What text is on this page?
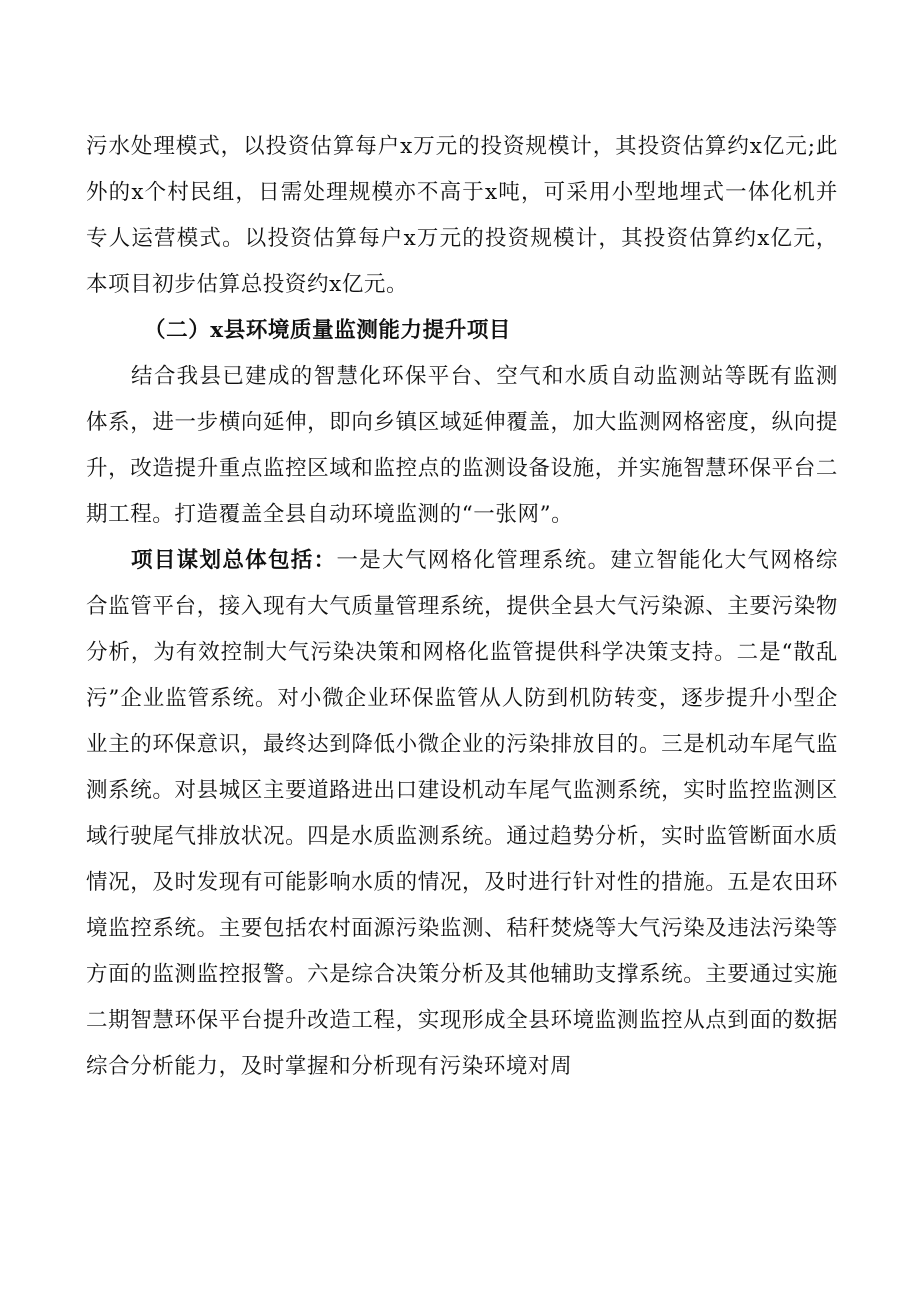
污水处理模式，以投资估算每户x万元的投资规模计，其投资估算约x亿元;此外的x个村民组，日需处理规模亦不高于x吨，可采用小型地埋式一体化机并专人运营模式。以投资估算每户x万元的投资规模计，其投资估算约x亿元，本项目初步估算总投资约x亿元。

（二）x县环境质量监测能力提升项目

结合我县已建成的智慧化环保平台、空气和水质自动监测站等既有监测体系，进一步横向延伸，即向乡镇区域延伸覆盖，加大监测网格密度，纵向提升，改造提升重点监控区域和监控点的监测设备设施，并实施智慧环保平台二期工程。打造覆盖全县自动环境监测的“一张网”。

项目谋划总体包括：一是大气网格化管理系统。建立智能化大气网格综合监管平台，接入现有大气质量管理系统，提供全县大气污染源、主要污染物分析，为有效控制大气污染决策和网格化监管提供科学决策支持。二是“散乱污”企业监管系统。对小微企业环保监管从人防到机防转变，逐步提升小型企业主的环保意识，最终达到降低小微企业的污染排放目的。三是机动车尾气监测系统。对县城区主要道路进出口建设机动车尾气监测系统，实时监控监测区域行驶尾气排放状况。四是水质监测系统。通过趋势分析，实时监管断面水质情况，及时发现有可能影响水质的情况，及时进行针对性的措施。五是农田环境监控系统。主要包括农村面源污染监测、秸秆焚烧等大气污染及违法污染等方面的监测监控报警。六是综合决策分析及其他辅助支撑系统。主要通过实施二期智慧环保平台提升改造工程，实现形成全县环境监测监控从点到面的数据综合分析能力，及时掌握和分析现有污染环境对周
